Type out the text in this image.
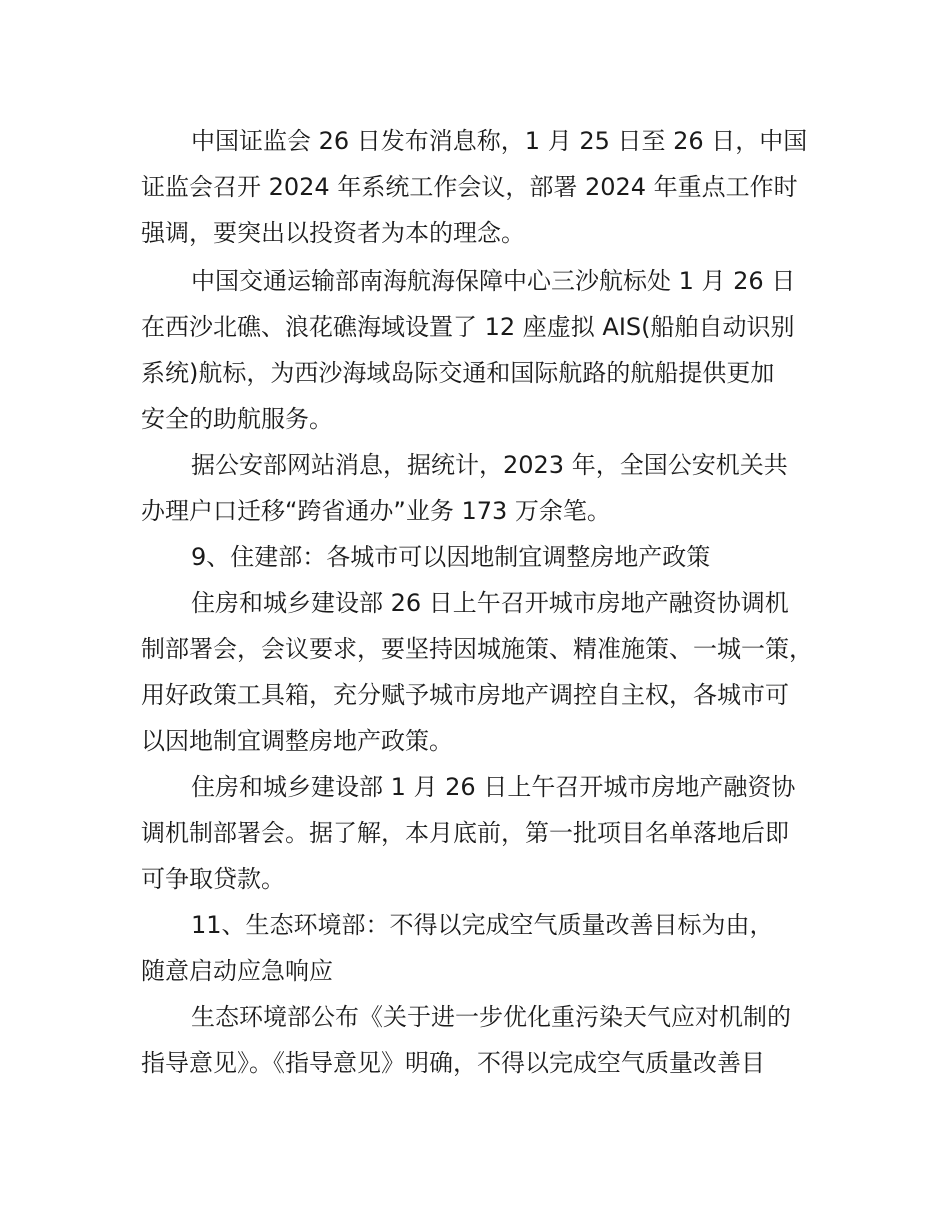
中国证监会 26 日发布消息称，1 月 25 日至 26 日，中国
证监会召开 2024 年系统工作会议，部署 2024 年重点工作时
强调，要突出以投资者为本的理念。
中国交通运输部南海航海保障中心三沙航标处 1 月 26 日
在西沙北礁、浪花礁海域设置了 12 座虚拟 AIS(船舶自动识别
系统)航标，为西沙海域岛际交通和国际航路的航船提供更加
安全的助航服务。
据公安部网站消息，据统计，2023 年，全国公安机关共
办理户口迁移“跨省通办”业务 173 万余笔。
9、住建部：各城市可以因地制宜调整房地产政策
住房和城乡建设部 26 日上午召开城市房地产融资协调机
制部署会，会议要求，要坚持因城施策、精准施策、一城一策，
用好政策工具箱，充分赋予城市房地产调控自主权，各城市可
以因地制宜调整房地产政策。
住房和城乡建设部 1 月 26 日上午召开城市房地产融资协
调机制部署会。据了解，本月底前，第一批项目名单落地后即
可争取贷款。
11、生态环境部：不得以完成空气质量改善目标为由，
随意启动应急响应
生态环境部公布《关于进一步优化重污染天气应对机制的
指导意见》。《指导意见》明确，不得以完成空气质量改善目
